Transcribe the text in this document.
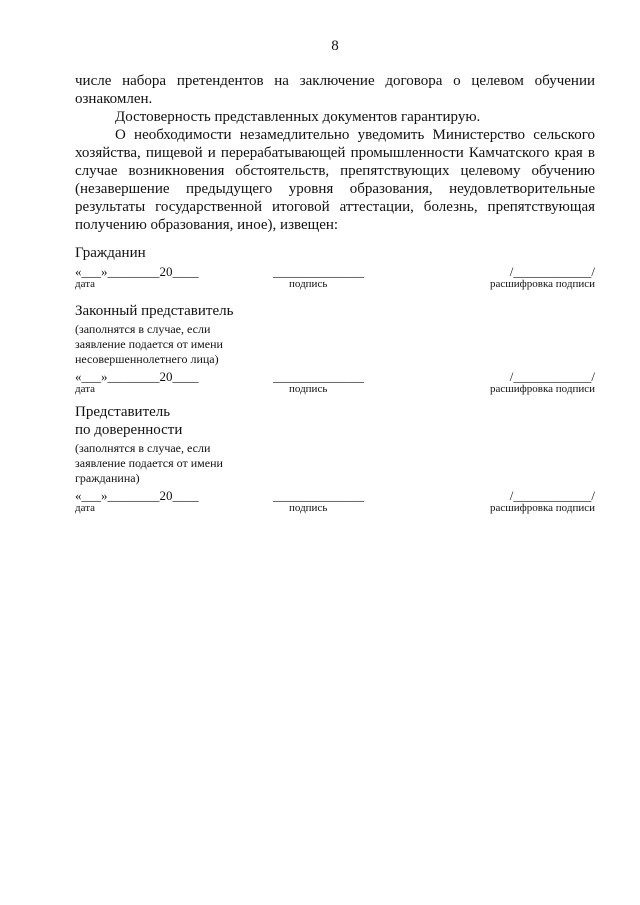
8

числе набора претендентов на заключение договора о целевом обучении ознакомлен.

Достоверность представленных документов гарантирую.

О необходимости незамедлительно уведомить Министерство сельского хозяйства, пищевой и перерабатывающей промышленности Камчатского края в случае возникновения обстоятельств, препятствующих целевому обучению (незавершение предыдущего уровня образования, неудовлетворительные результаты государственной итоговой аттестации, болезнь, препятствующая получению образования, иное), извещен:

Гражданин

«___»________20____	______________	/____________/
дата	подпись	расшифровка подписи

Законный представитель

(заполнятся в случае, если
заявление подается от имени
несовершеннолетнего лица)

«___»________20____	______________	/____________/
дата	подпись	расшифровка подписи

Представитель
по доверенности

(заполнятся в случае, если
заявление подается от имени
гражданина)

«___»________20____	______________	/____________/
дата	подпись	расшифровка подписи
